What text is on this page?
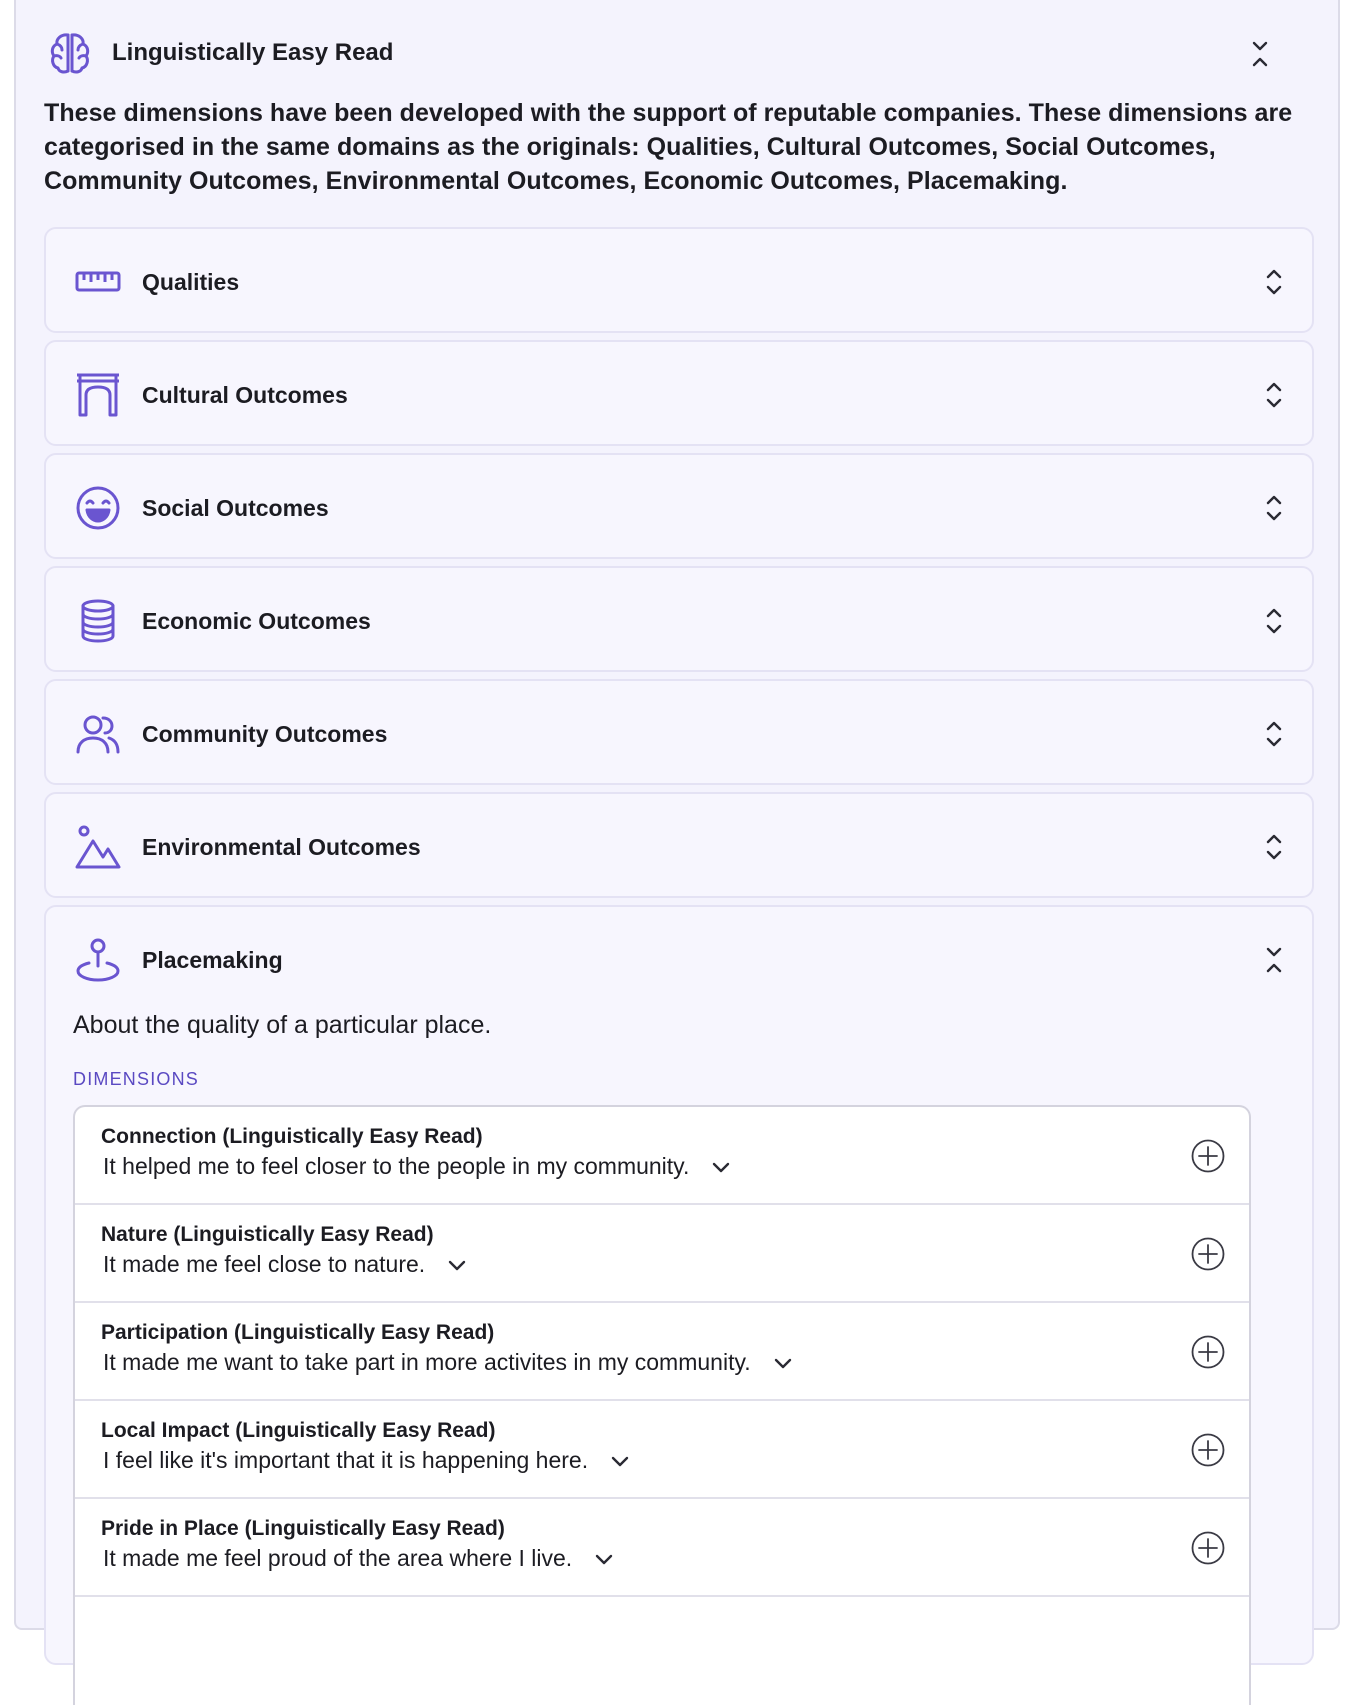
Linguistically Easy Read

These dimensions have been developed with the support of reputable companies. These dimensions are categorised in the same domains as the originals: Qualities, Cultural Outcomes, Social Outcomes, Community Outcomes, Environmental Outcomes, Economic Outcomes, Placemaking.

Qualities
Cultural Outcomes
Social Outcomes
Economic Outcomes
Community Outcomes
Environmental Outcomes
Placemaking

About the quality of a particular place.

DIMENSIONS
Connection (Linguistically Easy Read)
It helped me to feel closer to the people in my community.
Nature (Linguistically Easy Read)
It made me feel close to nature.
Participation (Linguistically Easy Read)
It made me want to take part in more activites in my community.
Local Impact (Linguistically Easy Read)
I feel like it's important that it is happening here.
Pride in Place (Linguistically Easy Read)
It made me feel proud of the area where I live.
